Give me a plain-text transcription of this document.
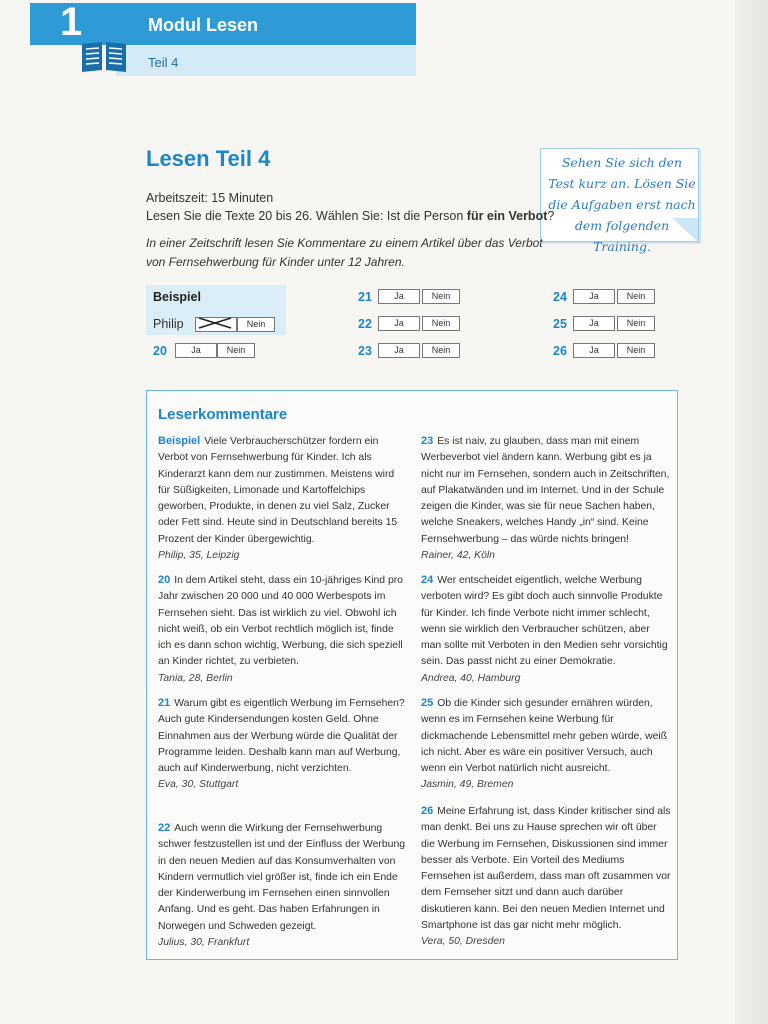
1	Modul Lesen
Teil 4
Lesen Teil 4	Sehen Sie sich den Test kurz an. Lösen Sie die Aufgaben erst nach dem folgenden Training.
Arbeitszeit: 15 Minuten
Lesen Sie die Texte 20 bis 26. Wählen Sie: Ist die Person für ein Verbot?
In einer Zeitschrift lesen Sie Kommentare zu einem Artikel über das Verbot von Fernsehwerbung für Kinder unter 12 Jahren.
Beispiel
Philip	Nein
20	Ja	Nein
21	Ja	Nein
22	Ja	Nein
23	Ja	Nein
24	Ja	Nein
25	Ja	Nein
26	Ja	Nein
Leserkommentare
Beispiel Viele Verbraucherschützer fordern ein Verbot von Fernsehwerbung für Kinder. Ich als Kinderarzt kann dem nur zustimmen. Meistens wird für Süßigkeiten, Limonade und Kartoffelchips geworben, Produkte, in denen zu viel Salz, Zucker oder Fett sind. Heute sind in Deutschland bereits 15 Prozent der Kinder übergewichtig.
Philip, 35, Leipzig
20 In dem Artikel steht, dass ein 10-jähriges Kind pro Jahr zwischen 20 000 und 40 000 Werbespots im Fernsehen sieht. Das ist wirklich zu viel. Obwohl ich nicht weiß, ob ein Verbot rechtlich möglich ist, finde ich es dann schon wichtig, Werbung, die sich speziell an Kinder richtet, zu verbieten.
Tania, 28, Berlin
21 Warum gibt es eigentlich Werbung im Fernsehen? Auch gute Kindersendungen kosten Geld. Ohne Einnahmen aus der Werbung würde die Qualität der Programme leiden. Deshalb kann man auf Werbung, auch auf Kinderwerbung, nicht verzichten.
Eva, 30, Stuttgart
22 Auch wenn die Wirkung der Fernsehwerbung schwer festzustellen ist und der Einfluss der Werbung in den neuen Medien auf das Konsumverhalten von Kindern vermutlich viel größer ist, finde ich ein Ende der Kinderwerbung im Fernsehen einen sinnvollen Anfang. Und es geht. Das haben Erfahrungen in Norwegen und Schweden gezeigt.
Julius, 30, Frankfurt
23 Es ist naiv, zu glauben, dass man mit einem Werbeverbot viel ändern kann. Werbung gibt es ja nicht nur im Fernsehen, sondern auch in Zeitschriften, auf Plakatwänden und im Internet. Und in der Schule zeigen die Kinder, was sie für neue Sachen haben, welche Sneakers, welches Handy „in“ sind. Keine Fernsehwerbung – das würde nichts bringen!
Rainer, 42, Köln
24 Wer entscheidet eigentlich, welche Werbung verboten wird? Es gibt doch auch sinnvolle Produkte für Kinder. Ich finde Verbote nicht immer schlecht, wenn sie wirklich den Verbraucher schützen, aber man sollte mit Verboten in den Medien sehr vorsichtig sein. Das passt nicht zu einer Demokratie.
Andrea, 40, Hamburg
25 Ob die Kinder sich gesunder ernähren würden, wenn es im Fernsehen keine Werbung für dickmachende Lebensmittel mehr geben würde, weiß ich nicht. Aber es wäre ein positiver Versuch, auch wenn ein Verbot natürlich nicht ausreicht.
Jasmin, 49, Bremen
26 Meine Erfahrung ist, dass Kinder kritischer sind als man denkt. Bei uns zu Hause sprechen wir oft über die Werbung im Fernsehen, Diskussionen sind immer besser als Verbote. Ein Vorteil des Mediums Fernsehen ist außerdem, dass man oft zusammen vor dem Fernseher sitzt und dann auch darüber diskutieren kann. Bei den neuen Medien Internet und Smartphone ist das gar nicht mehr möglich.
Vera, 50, Dresden
